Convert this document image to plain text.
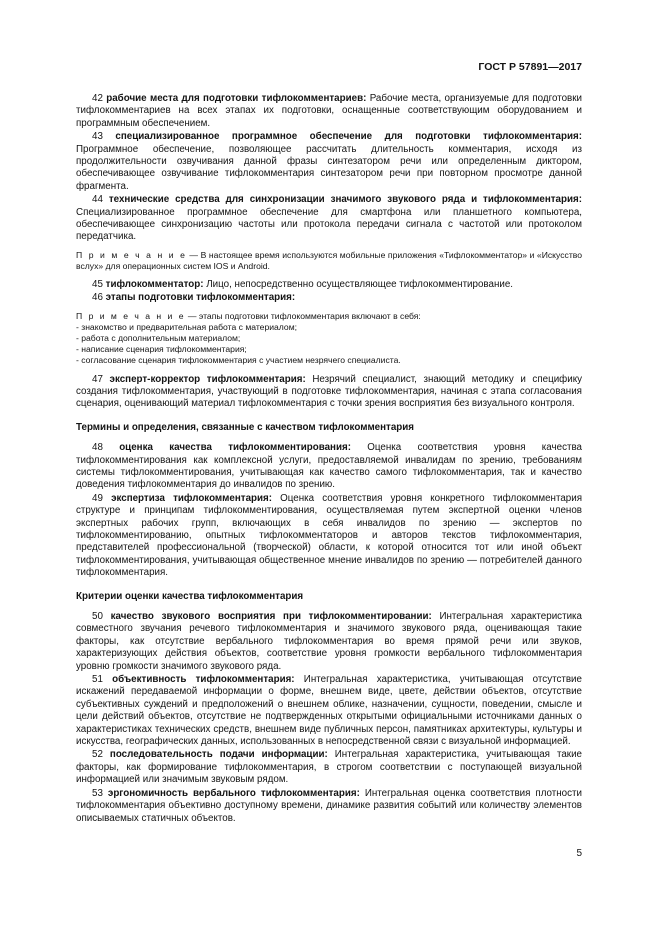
ГОСТ Р 57891—2017

42 рабочие места для подготовки тифлокомментариев: Рабочие места, организуемые для подготовки тифлокомментариев на всех этапах их подготовки, оснащенные соответствующим оборудованием и программным обеспечением.

43 специализированное программное обеспечение для подготовки тифлокомментария: Программное обеспечение, позволяющее рассчитать длительность комментария, исходя из продолжительности озвучивания данной фразы синтезатором речи или определенным диктором, обеспечивающее озвучивание тифлокомментария синтезатором речи при повторном просмотре данной фрагмента.

44 технические средства для синхронизации значимого звукового ряда и тифлокомментария: Специализированное программное обеспечение для смартфона или планшетного компьютера, обеспечивающее синхронизацию частоты или протокола передачи сигнала с частотой или протоколом передатчика.

П р и м е ч а н и е — В настоящее время используются мобильные приложения «Тифлокомментатор» и «Искусство вслух» для операционных систем IOS и Android.

45 тифлокомментатор: Лицо, непосредственно осуществляющее тифлокомментирование.

46 этапы подготовки тифлокомментария:

П р и м е ч а н и е — этапы подготовки тифлокомментария включают в себя:
- знакомство и предварительная работа с материалом;
- работа с дополнительным материалом;
- написание сценария тифлокомментария;
- согласование сценария тифлокомментария с участием незрячего специалиста.

47 эксперт-корректор тифлокомментария: Незрячий специалист, знающий методику и специфику создания тифлокомментария, участвующий в подготовке тифлокомментария, начиная с этапа согласования сценария, оценивающий материал тифлокомментария с точки зрения восприятия без визуального контроля.

Термины и определения, связанные с качеством тифлокомментария

48 оценка качества тифлокомментирования: Оценка соответствия уровня качества тифлокомментирования как комплексной услуги, предоставляемой инвалидам по зрению, требованиям системы тифлокомментирования, учитывающая как качество самого тифлокомментария, так и качество доведения тифлокомментария до инвалидов по зрению.

49 экспертиза тифлокомментария: Оценка соответствия уровня конкретного тифлокомментария структуре и принципам тифлокомментирования, осуществляемая путем экспертной оценки членов экспертных рабочих групп, включающих в себя инвалидов по зрению — экспертов по тифлокомментированию, опытных тифлокомментаторов и авторов текстов тифлокомментария, представителей профессиональной (творческой) области, к которой относится тот или иной объект тифлокомментирования, учитывающая общественное мнение инвалидов по зрению — потребителей данного тифлокомментария.

Критерии оценки качества тифлокомментария

50 качество звукового восприятия при тифлокомментировании: Интегральная характеристика совместного звучания речевого тифлокомментария и значимого звукового ряда, оценивающая такие факторы, как отсутствие вербального тифлокомментария во время прямой речи или звуков, характеризующих действия объектов, соответствие уровня громкости вербального тифлокомментария уровню громкости значимого звукового ряда.

51 объективность тифлокомментария: Интегральная характеристика, учитывающая отсутствие искажений передаваемой информации о форме, внешнем виде, цвете, действии объектов, отсутствие субъективных суждений и предположений о внешнем облике, назначении, сущности, поведении, смысле и цели действий объектов, отсутствие не подтвержденных открытыми официальными источниками данных о характеристиках технических средств, внешнем виде публичных персон, памятниках архитектуры, культуры и искусства, географических данных, использованных в непосредственной связи с визуальной информацией.

52 последовательность подачи информации: Интегральная характеристика, учитывающая такие факторы, как формирование тифлокомментария, в строгом соответствии с поступающей визуальной информацией или значимым звуковым рядом.

53 эргономичность вербального тифлокомментария: Интегральная оценка соответствия плотности тифлокомментария объективно доступному времени, динамике развития событий или количеству элементов описываемых статичных объектов.

5
